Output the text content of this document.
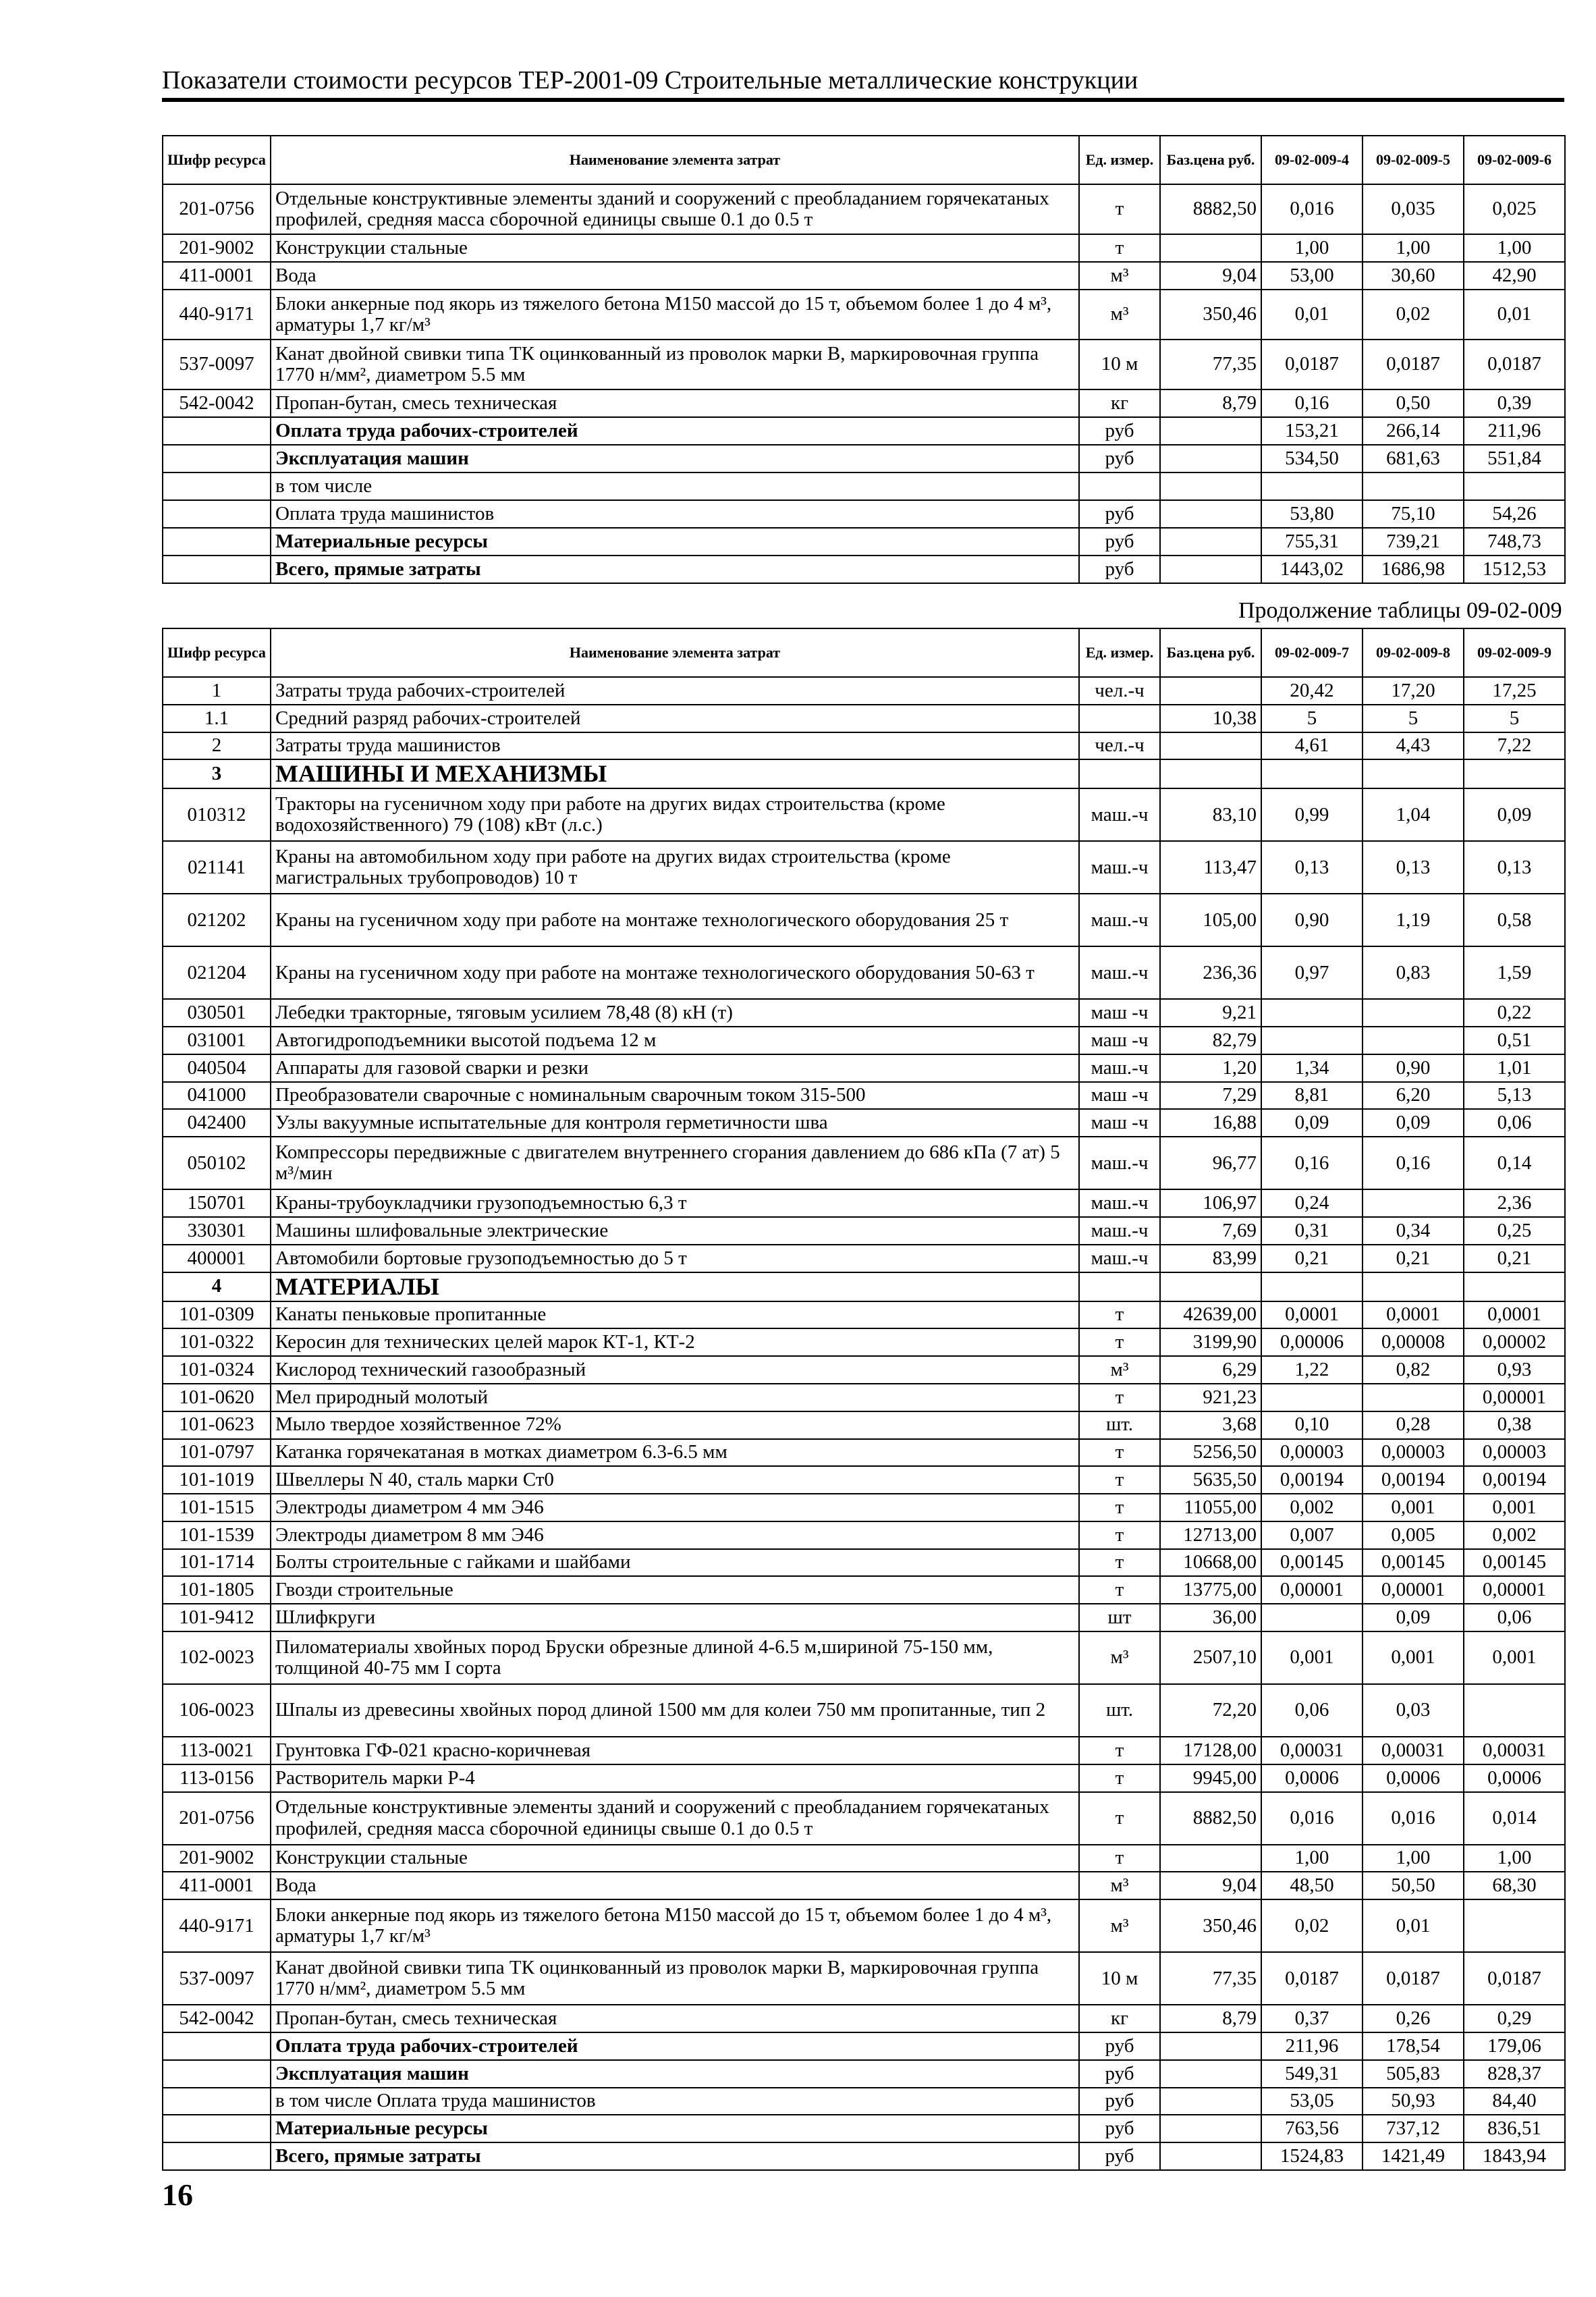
Показатели стоимости ресурсов ТЕР-2001-09 Строительные металлические конструкции
Шифр ресурса	Наименование элемента затрат	Ед. измер.	Баз.цена руб.	09-02-009-4	09-02-009-5	09-02-009-6
201-0756	Отдельные конструктивные элементы зданий и сооружений с преобладанием горячекатаных профилей, средняя масса сборочной единицы свыше 0.1 до 0.5 т	т	8882,50	0,016	0,035	0,025
201-9002	Конструкции стальные	т		1,00	1,00	1,00
411-0001	Вода	м³	9,04	53,00	30,60	42,90
440-9171	Блоки анкерные под якорь из тяжелого бетона М150 массой до 15 т, объемом более 1 до 4 м³, арматуры 1,7 кг/м³	м³	350,46	0,01	0,02	0,01
537-0097	Канат двойной свивки типа ТК оцинкованный из проволок марки В, маркировочная группа 1770 н/мм², диаметром 5.5 мм	10 м	77,35	0,0187	0,0187	0,0187
542-0042	Пропан-бутан, смесь техническая	кг	8,79	0,16	0,50	0,39
	Оплата труда рабочих-строителей	руб		153,21	266,14	211,96
	Эксплуатация машин	руб		534,50	681,63	551,84
	в том числе					
	Оплата труда машинистов	руб		53,80	75,10	54,26
	Материальные ресурсы	руб		755,31	739,21	748,73
	Всего, прямые затраты	руб		1443,02	1686,98	1512,53
Продолжение таблицы 09-02-009
Шифр ресурса	Наименование элемента затрат	Ед. измер.	Баз.цена руб.	09-02-009-7	09-02-009-8	09-02-009-9
1	Затраты труда рабочих-строителей	чел.-ч		20,42	17,20	17,25
1.1	Средний разряд рабочих-строителей		10,38	5	5	5
2	Затраты труда машинистов	чел.-ч		4,61	4,43	7,22
3	МАШИНЫ И МЕХАНИЗМЫ					
010312	Тракторы на гусеничном ходу при работе на других видах строительства (кроме водохозяйственного) 79 (108) кВт (л.с.)	маш.-ч	83,10	0,99	1,04	0,09
021141	Краны на автомобильном ходу при работе на других видах строительства (кроме магистральных трубопроводов) 10 т	маш.-ч	113,47	0,13	0,13	0,13
021202	Краны на гусеничном ходу при работе на монтаже технологического оборудования 25 т	маш.-ч	105,00	0,90	1,19	0,58
021204	Краны на гусеничном ходу при работе на монтаже технологического оборудования 50-63 т	маш.-ч	236,36	0,97	0,83	1,59
030501	Лебедки тракторные, тяговым усилием 78,48 (8) кН (т)	маш -ч	9,21			0,22
031001	Автогидроподъемники высотой подъема 12 м	маш -ч	82,79			0,51
040504	Аппараты для газовой сварки и резки	маш.-ч	1,20	1,34	0,90	1,01
041000	Преобразователи сварочные с номинальным сварочным током 315-500	маш -ч	7,29	8,81	6,20	5,13
042400	Узлы вакуумные испытательные для контроля герметичности шва	маш -ч	16,88	0,09	0,09	0,06
050102	Компрессоры передвижные с двигателем внутреннего сгорания давлением до 686 кПа (7 ат) 5 м³/мин	маш.-ч	96,77	0,16	0,16	0,14
150701	Краны-трубоукладчики грузоподъемностью 6,3 т	маш.-ч	106,97	0,24		2,36
330301	Машины шлифовальные электрические	маш.-ч	7,69	0,31	0,34	0,25
400001	Автомобили бортовые грузоподъемностью до 5 т	маш.-ч	83,99	0,21	0,21	0,21
4	МАТЕРИАЛЫ					
101-0309	Канаты пеньковые пропитанные	т	42639,00	0,0001	0,0001	0,0001
101-0322	Керосин для технических целей марок КТ-1, КТ-2	т	3199,90	0,00006	0,00008	0,00002
101-0324	Кислород технический газообразный	м³	6,29	1,22	0,82	0,93
101-0620	Мел природный молотый	т	921,23			0,00001
101-0623	Мыло твердое хозяйственное 72%	шт.	3,68	0,10	0,28	0,38
101-0797	Катанка горячекатаная в мотках диаметром 6.3-6.5 мм	т	5256,50	0,00003	0,00003	0,00003
101-1019	Швеллеры N 40, сталь марки Ст0	т	5635,50	0,00194	0,00194	0,00194
101-1515	Электроды диаметром 4 мм Э46	т	11055,00	0,002	0,001	0,001
101-1539	Электроды диаметром 8 мм Э46	т	12713,00	0,007	0,005	0,002
101-1714	Болты строительные с гайками и шайбами	т	10668,00	0,00145	0,00145	0,00145
101-1805	Гвозди строительные	т	13775,00	0,00001	0,00001	0,00001
101-9412	Шлифкруги	шт	36,00		0,09	0,06
102-0023	Пиломатериалы хвойных пород Бруски обрезные длиной 4-6.5 м,шириной 75-150 мм, толщиной 40-75 мм I сорта	м³	2507,10	0,001	0,001	0,001
106-0023	Шпалы из древесины хвойных пород длиной 1500 мм для колеи 750 мм пропитанные, тип 2	шт.	72,20	0,06	0,03	
113-0021	Грунтовка ГФ-021 красно-коричневая	т	17128,00	0,00031	0,00031	0,00031
113-0156	Растворитель марки Р-4	т	9945,00	0,0006	0,0006	0,0006
201-0756	Отдельные конструктивные элементы зданий и сооружений с преобладанием горячекатаных профилей, средняя масса сборочной единицы свыше 0.1 до 0.5 т	т	8882,50	0,016	0,016	0,014
201-9002	Конструкции стальные	т		1,00	1,00	1,00
411-0001	Вода	м³	9,04	48,50	50,50	68,30
440-9171	Блоки анкерные под якорь из тяжелого бетона М150 массой до 15 т, объемом более 1 до 4 м³, арматуры 1,7 кг/м³	м³	350,46	0,02	0,01	
537-0097	Канат двойной свивки типа ТК оцинкованный из проволок марки В, маркировочная группа 1770 н/мм², диаметром 5.5 мм	10 м	77,35	0,0187	0,0187	0,0187
542-0042	Пропан-бутан, смесь техническая	кг	8,79	0,37	0,26	0,29
	Оплата труда рабочих-строителей	руб		211,96	178,54	179,06
	Эксплуатация машин	руб		549,31	505,83	828,37
	в том числе Оплата труда машинистов	руб		53,05	50,93	84,40
	Материальные ресурсы	руб		763,56	737,12	836,51
	Всего, прямые затраты	руб		1524,83	1421,49	1843,94
16
